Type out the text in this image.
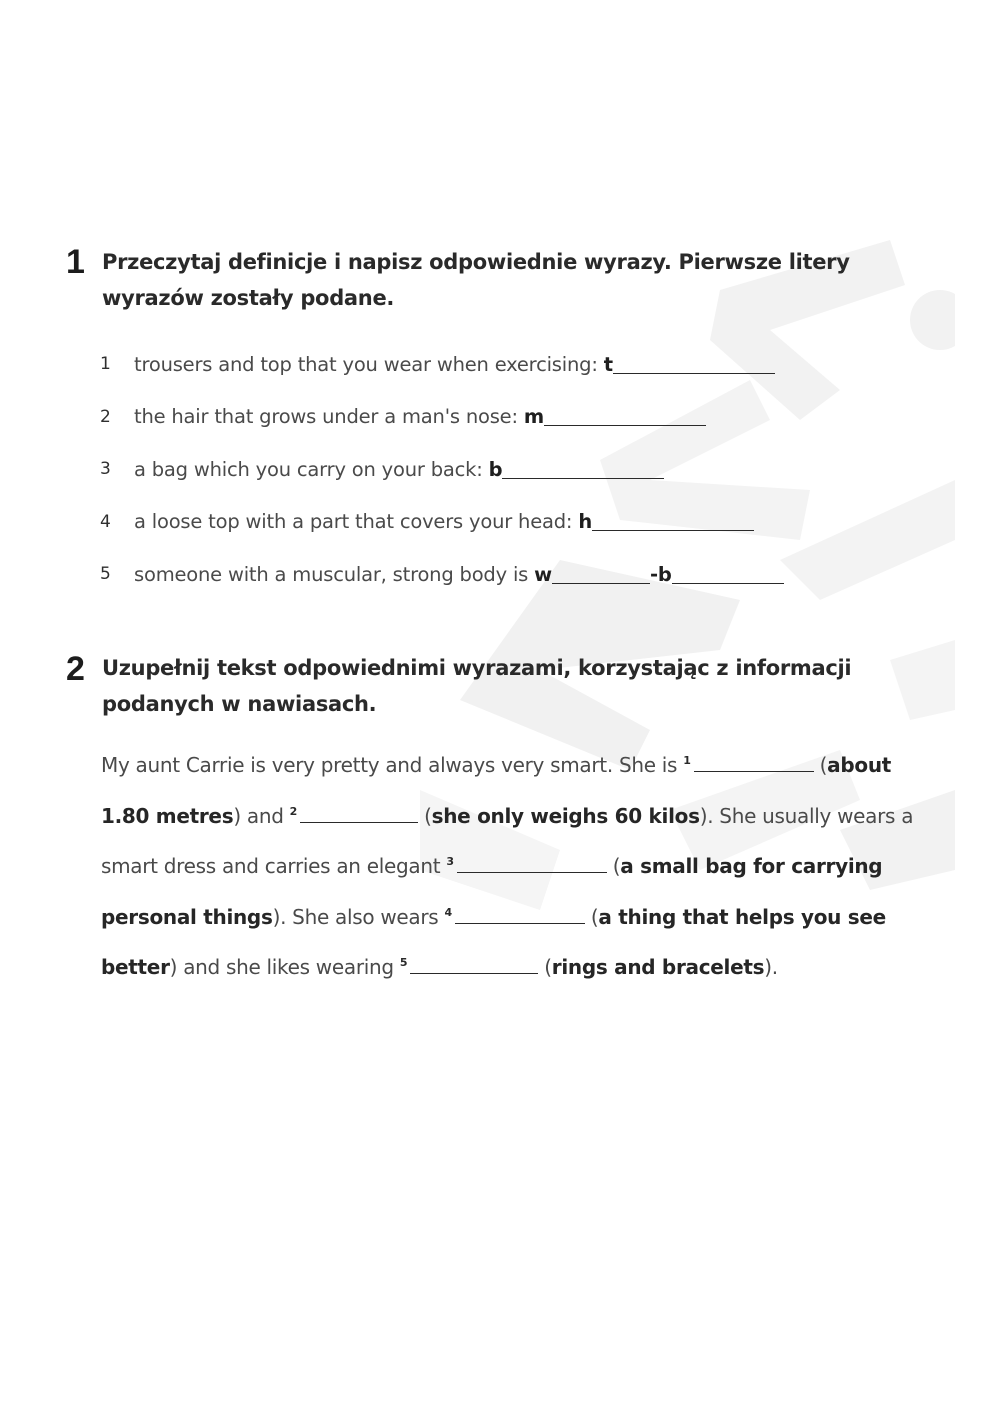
1 Przeczytaj definicje i napisz odpowiednie wyrazy. Pierwsze litery
wyrazów zostały podane.
1	trousers and top that you wear when exercising:
t
2	the hair that grows under a man's nose:
m
3	a bag which you carry on your back:
b
4	a loose top with a part that covers your head:
h
5	someone with a muscular, strong body is
w	-b
2 Uzupełnij tekst odpowiednimi wyrazami, korzystając z informacji
podanych w nawiasach.

My aunt Carrie is very pretty and always very smart. She is $^1$	(about 1.80 metres) and $^2$	(she only weighs 60 kilos). She usually wears a smart dress and carries an elegant $^3$	(a small bag for carrying personal things). She also wears $^4$	(a thing that helps you see better) and she likes wearing $^5$	(rings and bracelets).
